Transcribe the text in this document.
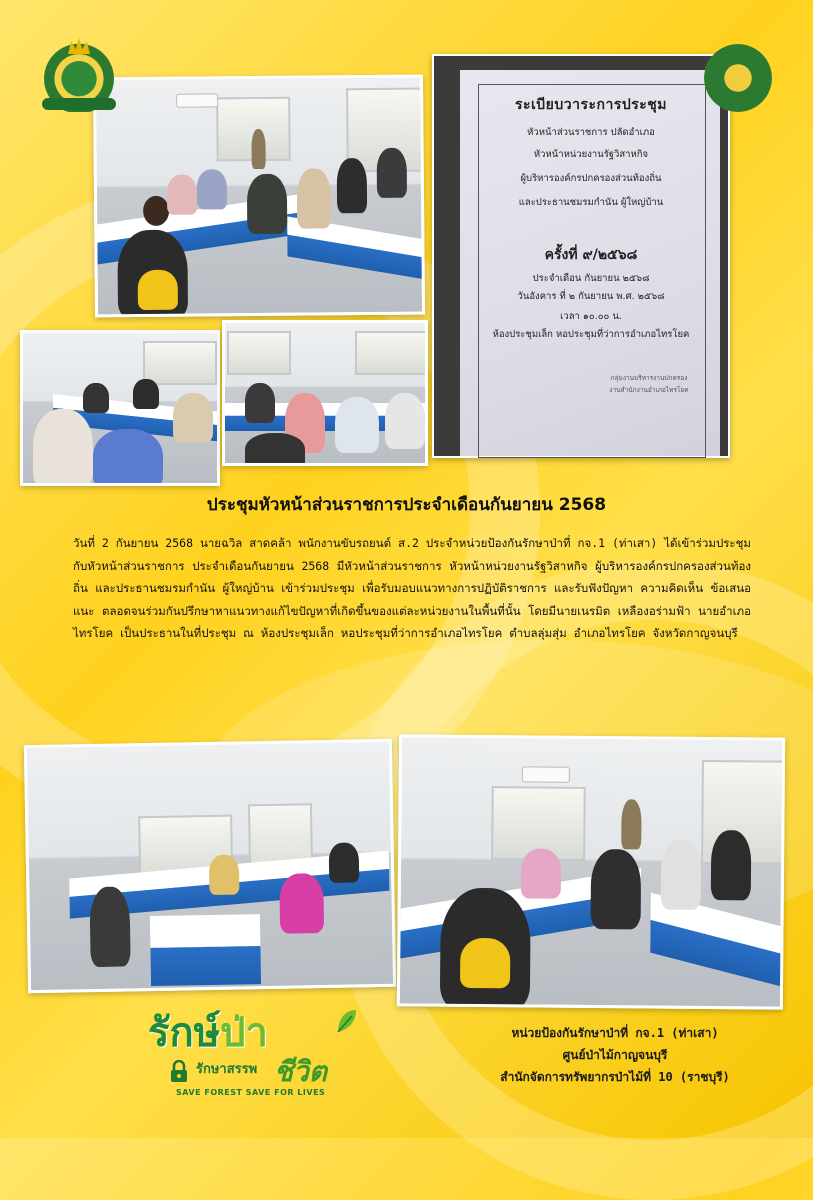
ระเบียบวาระการประชุม
หัวหน้าส่วนราชการ ปลัดอำเภอ
หัวหน้าหน่วยงานรัฐวิสาหกิจ
ผู้บริหารองค์กรปกครองส่วนท้องถิ่น
และประธานชมรมกำนัน ผู้ใหญ่บ้าน
ครั้งที่ ๙/๒๕๖๘
ประจำเดือน กันยายน ๒๕๖๘
วันอังคาร ที่ ๒ กันยายน พ.ศ. ๒๕๖๘
เวลา ๑๐.๐๐ น.
ห้องประชุมเล็ก หอประชุมที่ว่าการอำเภอไทรโยค
กลุ่มงานบริหารงานปกครอง
งานสำนักงานอำเภอไทรโยค
ประชุมหัวหน้าส่วนราชการประจำเดือนกันยายน 2568
วันที่ 2 กันยายน 2568 นายฉวิล สาดคล้า พนักงานขับรถยนต์ ส.2 ประจำหน่วยป้องกันรักษาป่าที่ กจ.1 (ท่าเสา) ได้เข้าร่วมประชุมกับหัวหน้าส่วนราชการ ประจำเดือนกันยายน 2568 มีหัวหน้าส่วนราชการ หัวหน้าหน่วยงานรัฐวิสาหกิจ ผู้บริหารองค์กรปกครองส่วนท้องถิ่น และประธานชมรมกำนัน ผู้ใหญ่บ้าน เข้าร่วมประชุม เพื่อรับมอบแนวทางการปฏิบัติราชการ และรับฟังปัญหา ความคิดเห็น ข้อเสนอแนะ ตลอดจนร่วมกันปรึกษาหาแนวทางแก้ไขปัญหาที่เกิดขึ้นของแต่ละหน่วยงานในพื้นที่นั้น โดยมีนายเนรมิต เหลืองอร่ามฟ้า นายอำเภอไทรโยค เป็นประธานในที่ประชุม ณ ห้องประชุมเล็ก หอประชุมที่ว่าการอำเภอไทรโยค ตำบลลุ่มสุ่ม อำเภอไทรโยค จังหวัดกาญจนบุรี
รักษ์ป่า
รักษาสรรพ ชีวิต
SAVE FOREST SAVE FOR LIVES
หน่วยป้องกันรักษาป่าที่ กจ.1 (ท่าเสา)
ศูนย์ป่าไม้กาญจนบุรี
สำนักจัดการทรัพยากรป่าไม้ที่ 10 (ราชบุรี)
